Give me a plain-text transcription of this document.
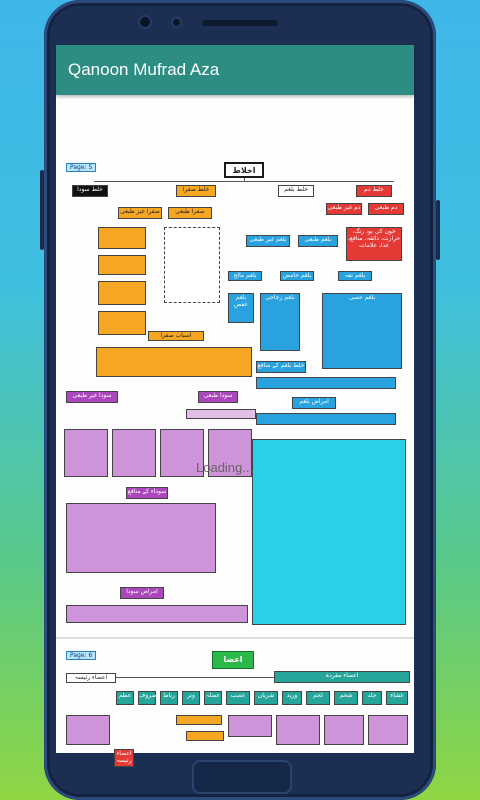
Qanoon Mufrad Aza
Page: 5	اخلاط
خلط سودا	خلط صفرا	خلط بلغم	خلط دم
صفرا غیر طبعی	صفرا طبعی
بلغم غیر طبعی	بلغم طبعی
دم طبعی
دم غیر طبعی
خون کی بو، رنگ، حرارت، ذائقہ، منافع، غذا، علامات
بلغم مالح	بلغم حامض	بلغم تفہ
بلغم عفص
بلغم زجاجی	بلغم حصی
اسباب صفرا
خلط بلغم کے منافع
امراض بلغم
سودا غیر طبعی	سودا طبعی
سوداء کے منافع
امراض سودا
Loading...
Page: 6	اعضا
اعضاء رئیسہ	اعضاء مفردہ
عظم	غضروف رباط	وتر	عضلہ	عصب	شریان	ورید	لحم	شحم	جلد	غشاء
اعضاء رئیسہ
